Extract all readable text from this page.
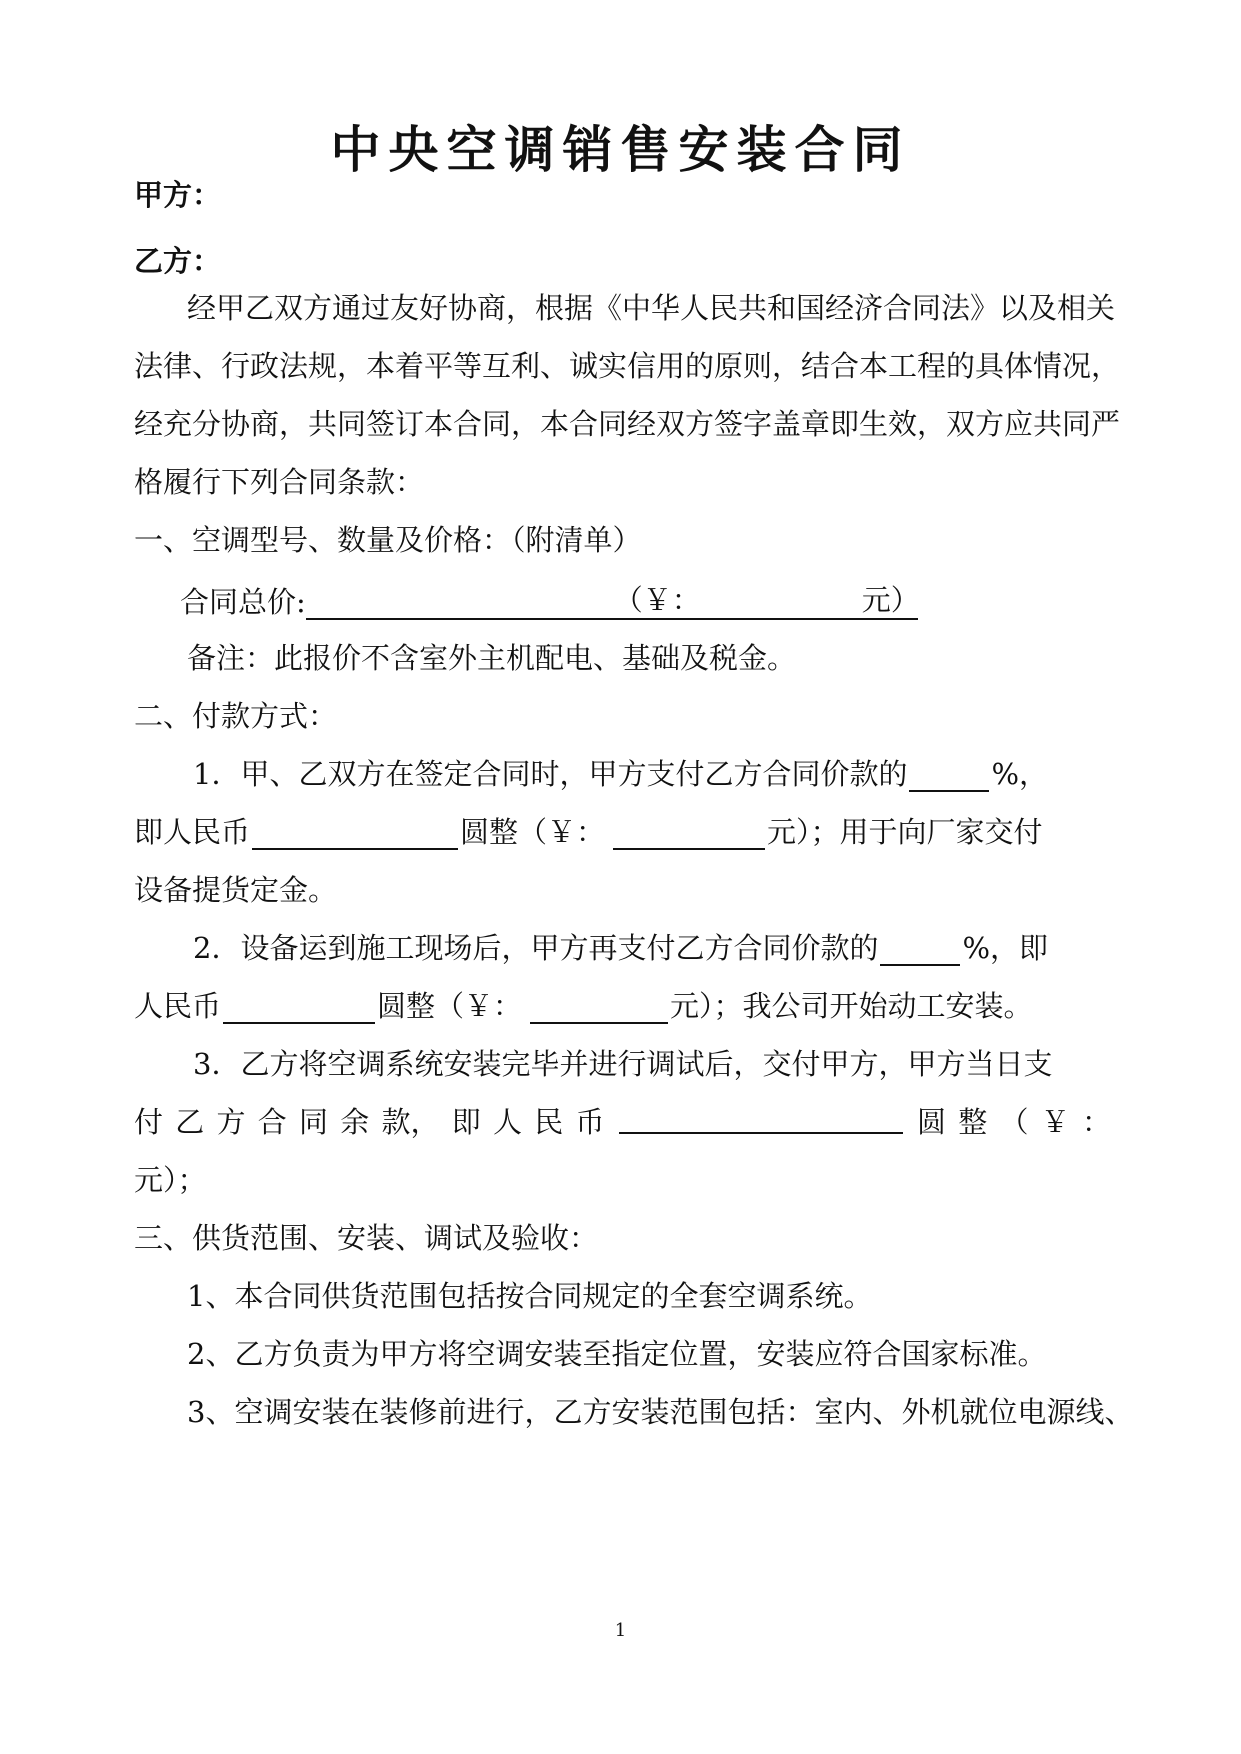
中央空调销售安装合同
甲方：
乙方：
经甲乙双方通过友好协商，根据《中华人民共和国经济合同法》以及相关
法律、行政法规，本着平等互利、诚实信用的原则，结合本工程的具体情况，
经充分协商，共同签订本合同，本合同经双方签字盖章即生效，双方应共同严
格履行下列合同条款：
一、空调型号、数量及价格：（附清单）
合同总价:	（￥：	元）
备注：此报价不含室外主机配电、基础及税金。
二、付款方式：
1．甲、乙双方在签定合同时，甲方支付乙方合同价款的	%，
即人民币	圆整（￥：	元）；用于向厂家交付
设备提货定金。
2．设备运到施工现场后，甲方再支付乙方合同价款的	%，即
人民币	圆整（￥：	元）；我公司开始动工安装。
3．乙方将空调系统安装完毕并进行调试后，交付甲方，甲方当日支
付 乙 方 合 同 余 款， 即 人 民 币	圆 整 （ ￥ ：
元）；
三、供货范围、安装、调试及验收：
1、本合同供货范围包括按合同规定的全套空调系统。
2、乙方负责为甲方将空调安装至指定位置，安装应符合国家标准。
3、空调安装在装修前进行，乙方安装范围包括：室内、外机就位电源线、
1
